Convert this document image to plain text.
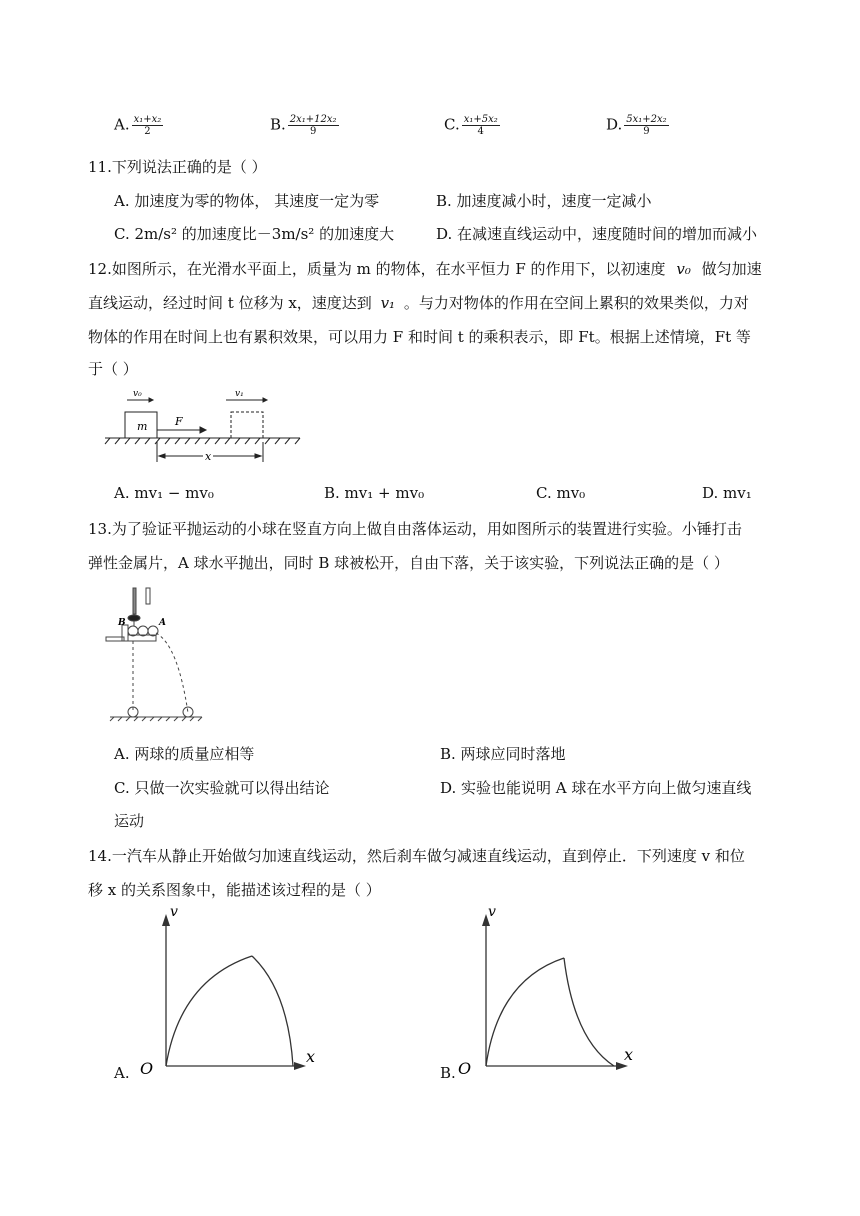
A. $\frac{\text{x₁+x₂}}{2}$	B. $\frac{\text{2x₁+12x₂}}{9}$	C. $\frac{\text{x₁+5x₂}}{4}$	D. $\frac{\text{5x₁+2x₂}}{9}$
11.下列说法正确的是（ ）
A. 加速度为零的物体， 其速度一定为零	B. 加速度减小时，速度一定减小
C. 2m/s² 的加速度比－3m/s² 的加速度大	D. 在减速直线运动中，速度随时间的增加而减小
12.如图所示，在光滑水平面上，质量为 m 的物体，在水平恒力 F 的作用下，以初速度 v₀ 做匀加速
直线运动，经过时间 t 位移为 x，速度达到 v₁ 。与力对物体的作用在空间上累积的效果类似，力对
物体的作用在时间上也有累积效果，可以用力 F 和时间 t 的乘积表示，即 Ft。根据上述情境，Ft 等
于（ ）
v₀	v₁
m	F
x
A. mv₁ − mv₀	B. mv₁ + mv₀	C. mv₀	D. mv₁
13.为了验证平抛运动的小球在竖直方向上做自由落体运动，用如图所示的装置进行实验。小锤打击
弹性金属片，A 球水平抛出，同时 B 球被松开，自由下落，关于该实验，下列说法正确的是（ ）
B	A
A. 两球的质量应相等	B. 两球应同时落地
C. 只做一次实验就可以得出结论	D. 实验也能说明 A 球在水平方向上做匀速直线
运动
14.一汽车从静止开始做匀加速直线运动，然后刹车做匀减速直线运动，直到停止．下列速度 v 和位
移 x 的关系图象中，能描述该过程的是（ ）
A.
v
x
O	B.
v
x
O
